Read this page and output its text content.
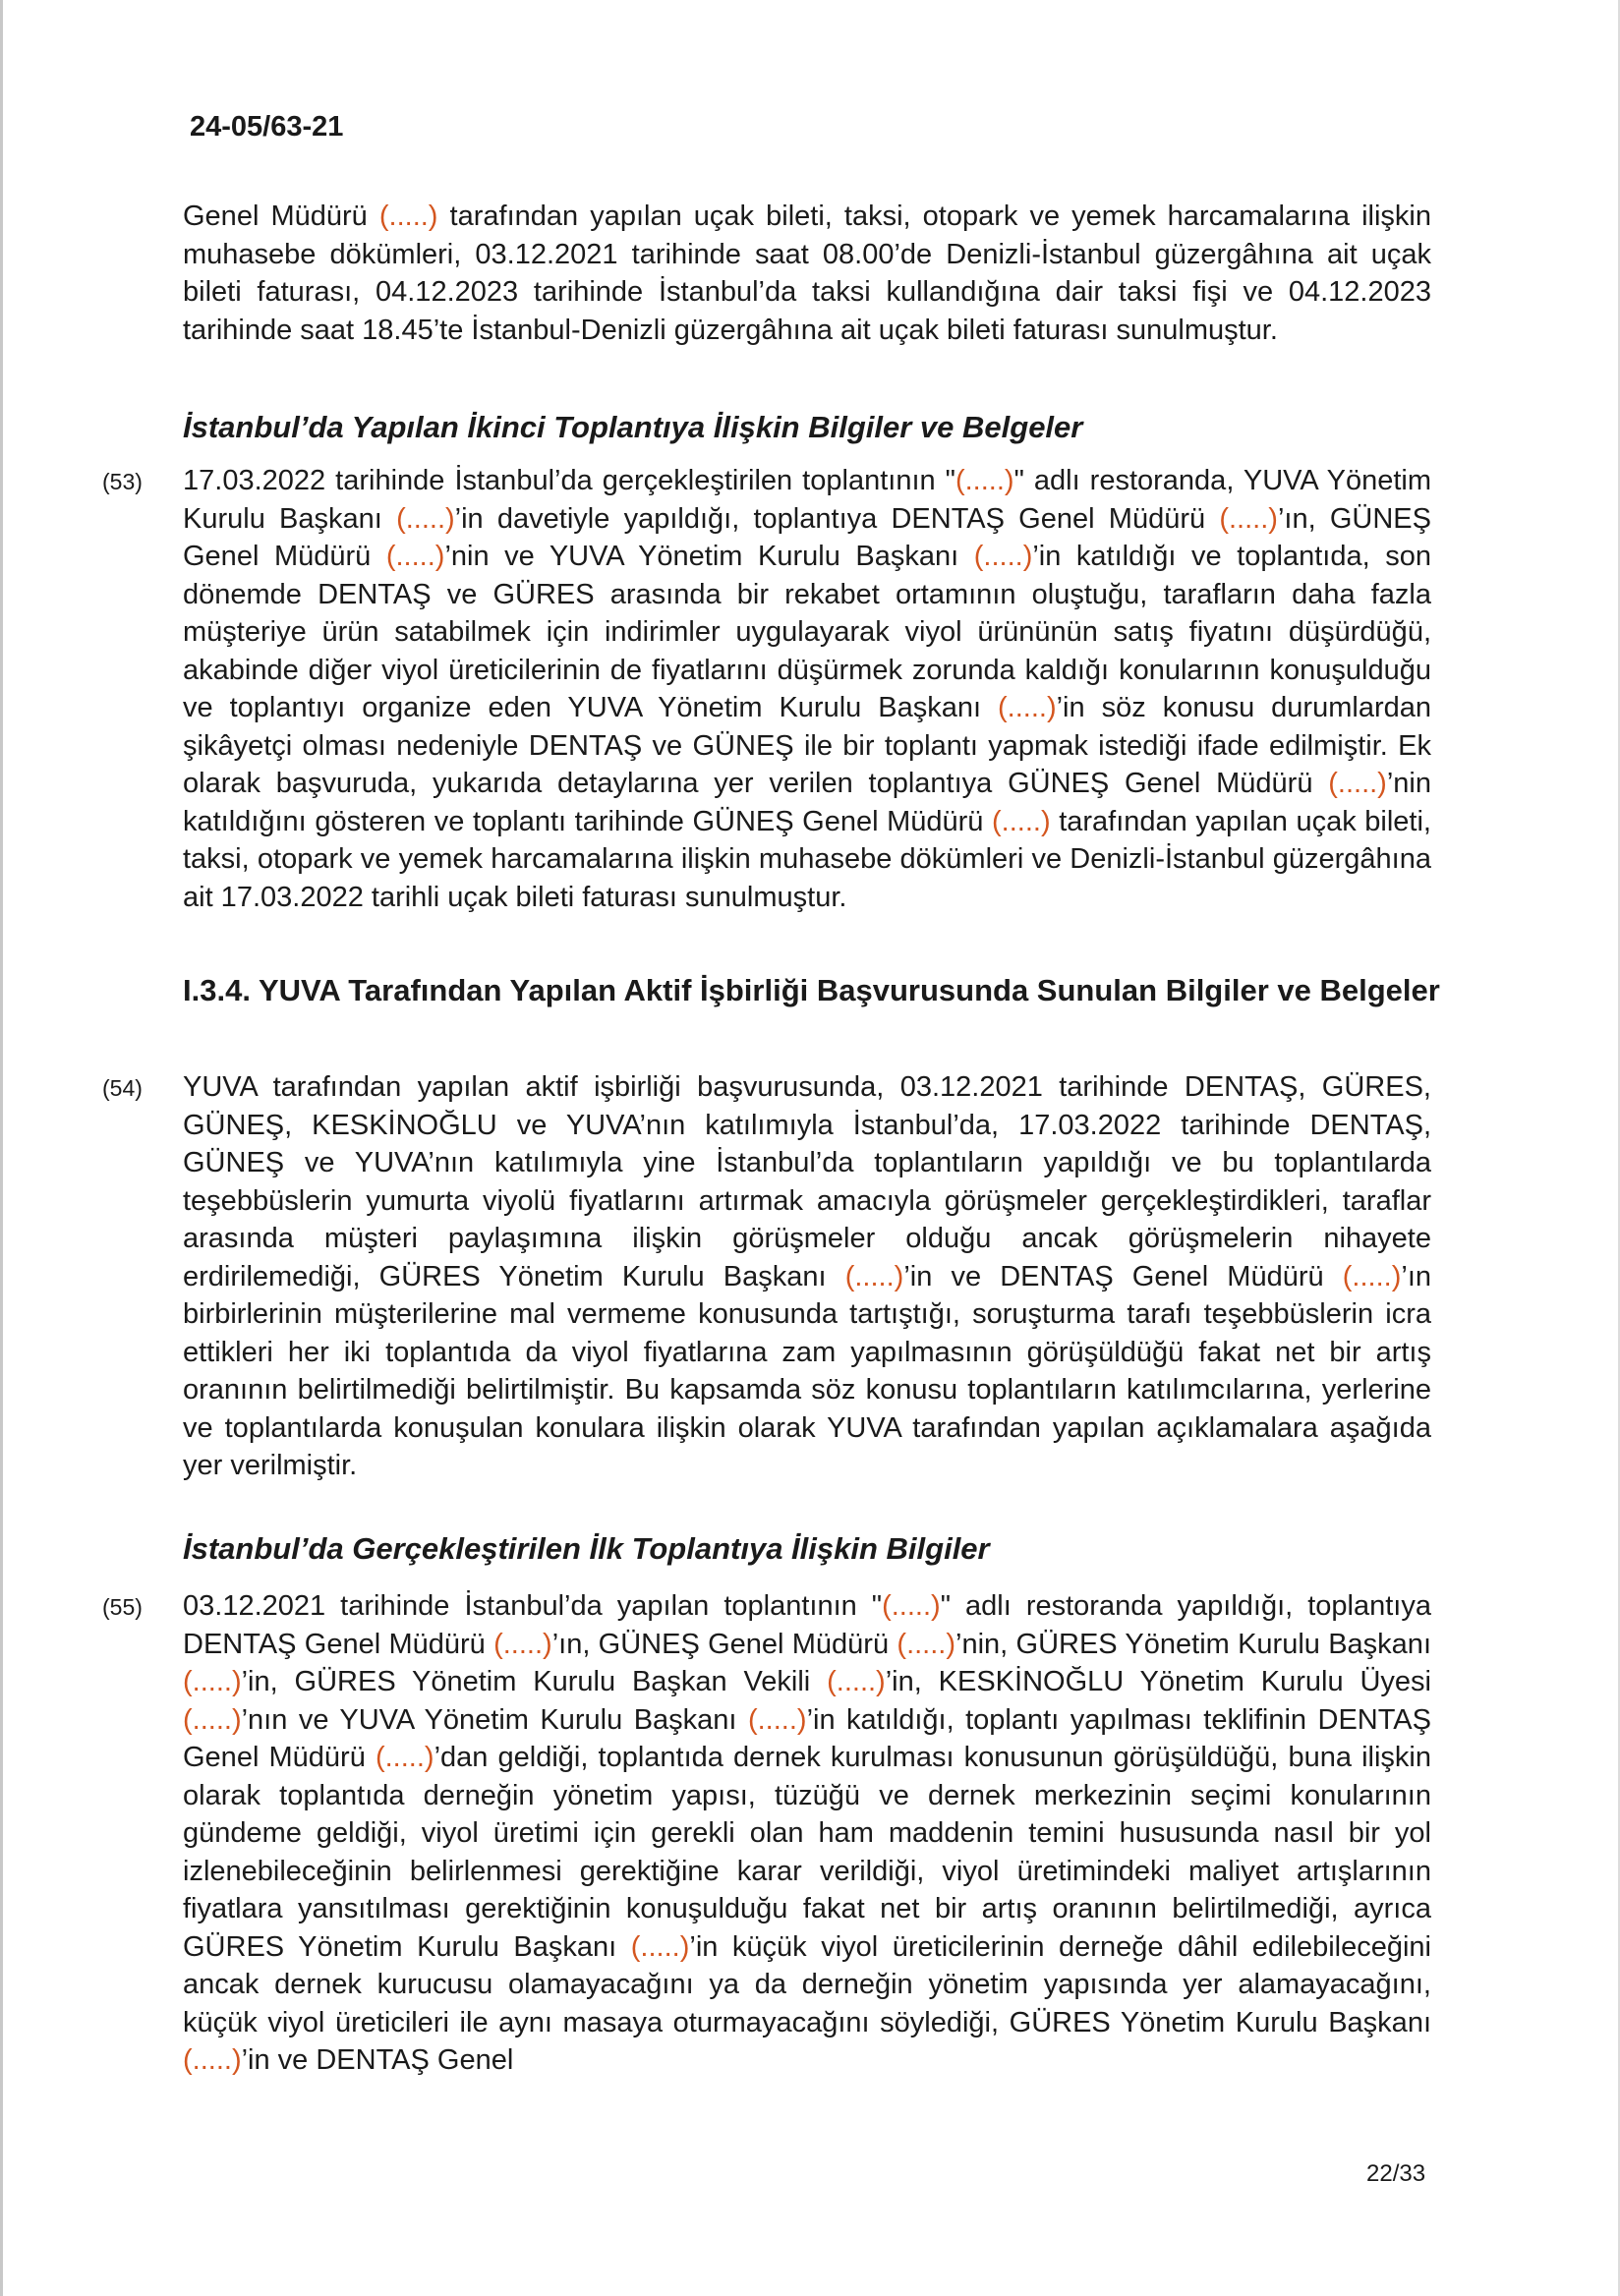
24-05/63-21
Genel Müdürü (.....) tarafından yapılan uçak bileti, taksi, otopark ve yemek harcamalarına ilişkin muhasebe dökümleri, 03.12.2021 tarihinde saat 08.00’de Denizli-İstanbul güzergâhına ait uçak bileti faturası, 04.12.2023 tarihinde İstanbul’da taksi kullandığına dair taksi fişi ve 04.12.2023 tarihinde saat 18.45’te İstanbul-Denizli güzergâhına ait uçak bileti faturası sunulmuştur.
İstanbul’da Yapılan İkinci Toplantıya İlişkin Bilgiler ve Belgeler
(53) 17.03.2022 tarihinde İstanbul’da gerçekleştirilen toplantının "(.....)" adlı restoranda, YUVA Yönetim Kurulu Başkanı (.....)’in davetiyle yapıldığı, toplantıya DENTAŞ Genel Müdürü (.....)’ın, GÜNEŞ Genel Müdürü (.....)’nin ve YUVA Yönetim Kurulu Başkanı (.....)’in katıldığı ve toplantıda, son dönemde DENTAŞ ve GÜRES arasında bir rekabet ortamının oluştuğu, tarafların daha fazla müşteriye ürün satabilmek için indirimler uygulayarak viyol ürününün satış fiyatını düşürdüğü, akabinde diğer viyol üreticilerinin de fiyatlarını düşürmek zorunda kaldığı konularının konuşulduğu ve toplantıyı organize eden YUVA Yönetim Kurulu Başkanı (.....)’in söz konusu durumlardan şikâyetçi olması nedeniyle DENTAŞ ve GÜNEŞ ile bir toplantı yapmak istediği ifade edilmiştir. Ek olarak başvuruda, yukarıda detaylarına yer verilen toplantıya GÜNEŞ Genel Müdürü (.....)’nin katıldığını gösteren ve toplantı tarihinde GÜNEŞ Genel Müdürü (.....) tarafından yapılan uçak bileti, taksi, otopark ve yemek harcamalarına ilişkin muhasebe dökümleri ve Denizli-İstanbul güzergâhına ait 17.03.2022 tarihli uçak bileti faturası sunulmuştur.
I.3.4. YUVA Tarafından Yapılan Aktif İşbirliği Başvurusunda Sunulan Bilgiler ve Belgeler
(54) YUVA tarafından yapılan aktif işbirliği başvurusunda, 03.12.2021 tarihinde DENTAŞ, GÜRES, GÜNEŞ, KESKİNOĞLU ve YUVA’nın katılımıyla İstanbul’da, 17.03.2022 tarihinde DENTAŞ, GÜNEŞ ve YUVA’nın katılımıyla yine İstanbul’da toplantıların yapıldığı ve bu toplantılarda teşebbüslerin yumurta viyolü fiyatlarını artırmak amacıyla görüşmeler gerçekleştirdikleri, taraflar arasında müşteri paylaşımına ilişkin görüşmeler olduğu ancak görüşmelerin nihayete erdirilemediği, GÜRES Yönetim Kurulu Başkanı (.....)’in ve DENTAŞ Genel Müdürü (.....)’ın birbirlerinin müşterilerine mal vermeme konusunda tartıştığı, soruşturma tarafı teşebbüslerin icra ettikleri her iki toplantıda da viyol fiyatlarına zam yapılmasının görüşüldüğü fakat net bir artış oranının belirtilmediği belirtilmiştir. Bu kapsamda söz konusu toplantıların katılımcılarına, yerlerine ve toplantılarda konuşulan konulara ilişkin olarak YUVA tarafından yapılan açıklamalara aşağıda yer verilmiştir.
İstanbul’da Gerçekleştirilen İlk Toplantıya İlişkin Bilgiler
(55) 03.12.2021 tarihinde İstanbul’da yapılan toplantının "(.....)" adlı restoranda yapıldığı, toplantıya DENTAŞ Genel Müdürü (.....)’ın, GÜNEŞ Genel Müdürü (.....)’nin, GÜRES Yönetim Kurulu Başkanı (.....)’in, GÜRES Yönetim Kurulu Başkan Vekili (.....)’in, KESKİNOĞLU Yönetim Kurulu Üyesi (.....)’nın ve YUVA Yönetim Kurulu Başkanı (.....)’in katıldığı, toplantı yapılması teklifinin DENTAŞ Genel Müdürü (.....)’dan geldiği, toplantıda dernek kurulması konusunun görüşüldüğü, buna ilişkin olarak toplantıda derneğin yönetim yapısı, tüzüğü ve dernek merkezinin seçimi konularının gündeme geldiği, viyol üretimi için gerekli olan ham maddenin temini hususunda nasıl bir yol izlenebileceğinin belirlenmesi gerektiğine karar verildiği, viyol üretimindeki maliyet artışlarının fiyatlara yansıtılması gerektiğinin konuşulduğu fakat net bir artış oranının belirtilmediği, ayrıca GÜRES Yönetim Kurulu Başkanı (.....)’in küçük viyol üreticilerinin derneğe dâhil edilebileceğini ancak dernek kurucusu olamayacağını ya da derneğin yönetim yapısında yer alamayacağını, küçük viyol üreticileri ile aynı masaya oturmayacağını söylediği, GÜRES Yönetim Kurulu Başkanı (.....)’in ve DENTAŞ Genel
22/33
